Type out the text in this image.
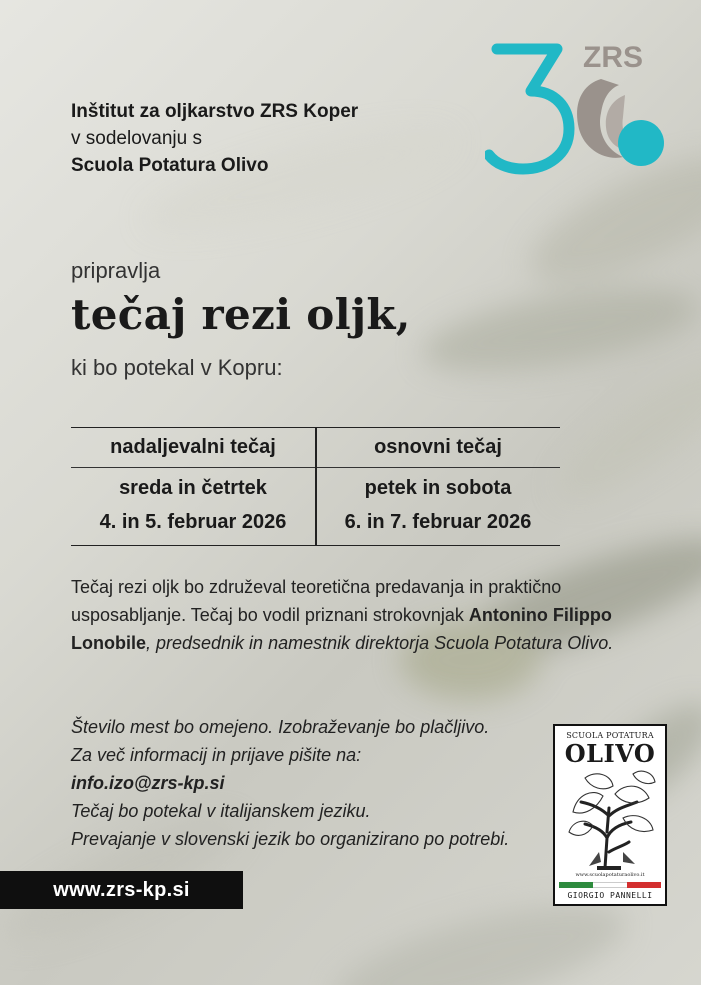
Inštitut za oljkarstvo ZRS Koper
v sodelovanju s
Scuola Potatura Olivo
ZRS
pripravlja
tečaj rezi oljk,
ki bo potekal v Kopru:
nadaljevalni tečaj
sreda in četrtek
4. in 5. februar 2026
osnovni tečaj
petek in sobota
6. in 7. februar 2026
Tečaj rezi oljk bo združeval teoretična predavanja in praktično usposabljanje. Tečaj bo vodil priznani strokovnjak Antonino Filippo Lonobile, predsednik in namestnik direktorja Scuola Potatura Olivo.
Število mest bo omejeno. Izobraževanje bo plačljivo.
Za več informacij in prijave pišite na:
info.izo@zrs-kp.si
Tečaj bo potekal v italijanskem jeziku.
Prevajanje v slovenski jezik bo organizirano po potrebi.
www.zrs-kp.si
SCUOLA POTATURA
OLIVO
www.scuolapotaturaolivo.it
GIORGIO PANNELLI
